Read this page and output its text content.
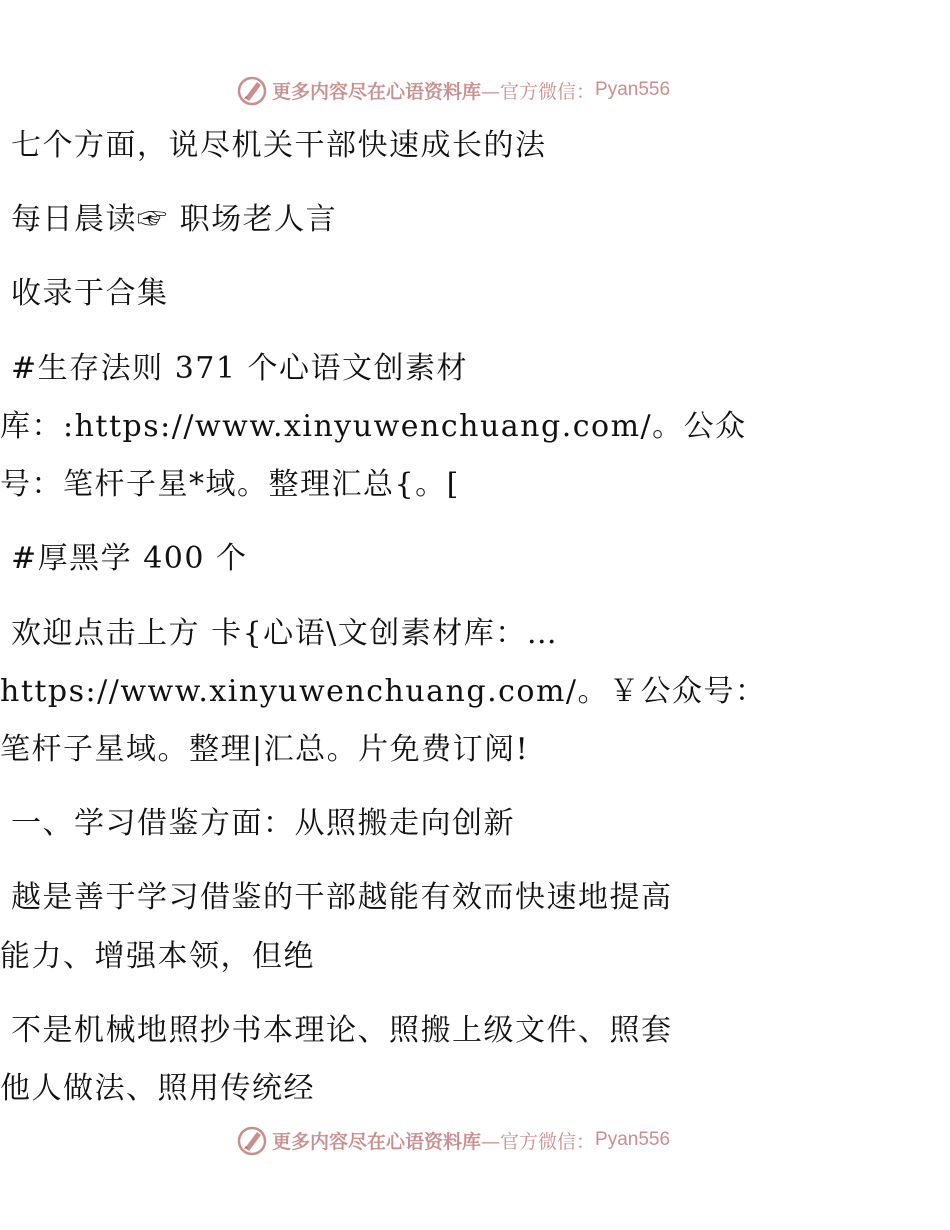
更多内容尽在心语资料库 —官方微信： Pyan556
七个方面，说尽机关干部快速成长的法
每日晨读☞ 职场老人言
收录于合集
#生存法则 371 个心语文创素材
库：:https://www.xinyuwenchuang.com/。公众
号：笔杆子星*域。整理汇总{。[
#厚黑学 400 个
欢迎点击上方 卡{心语\文创素材库：…
https://www.xinyuwenchuang.com/。￥公众号：
笔杆子星域。整理|汇总。片免费订阅!
一、学习借鉴方面：从照搬走向创新
越是善于学习借鉴的干部越能有效而快速地提高
能力、增强本领，但绝
不是机械地照抄书本理论、照搬上级文件、照套
他人做法、照用传统经
更多内容尽在心语资料库 —官方微信： Pyan556
